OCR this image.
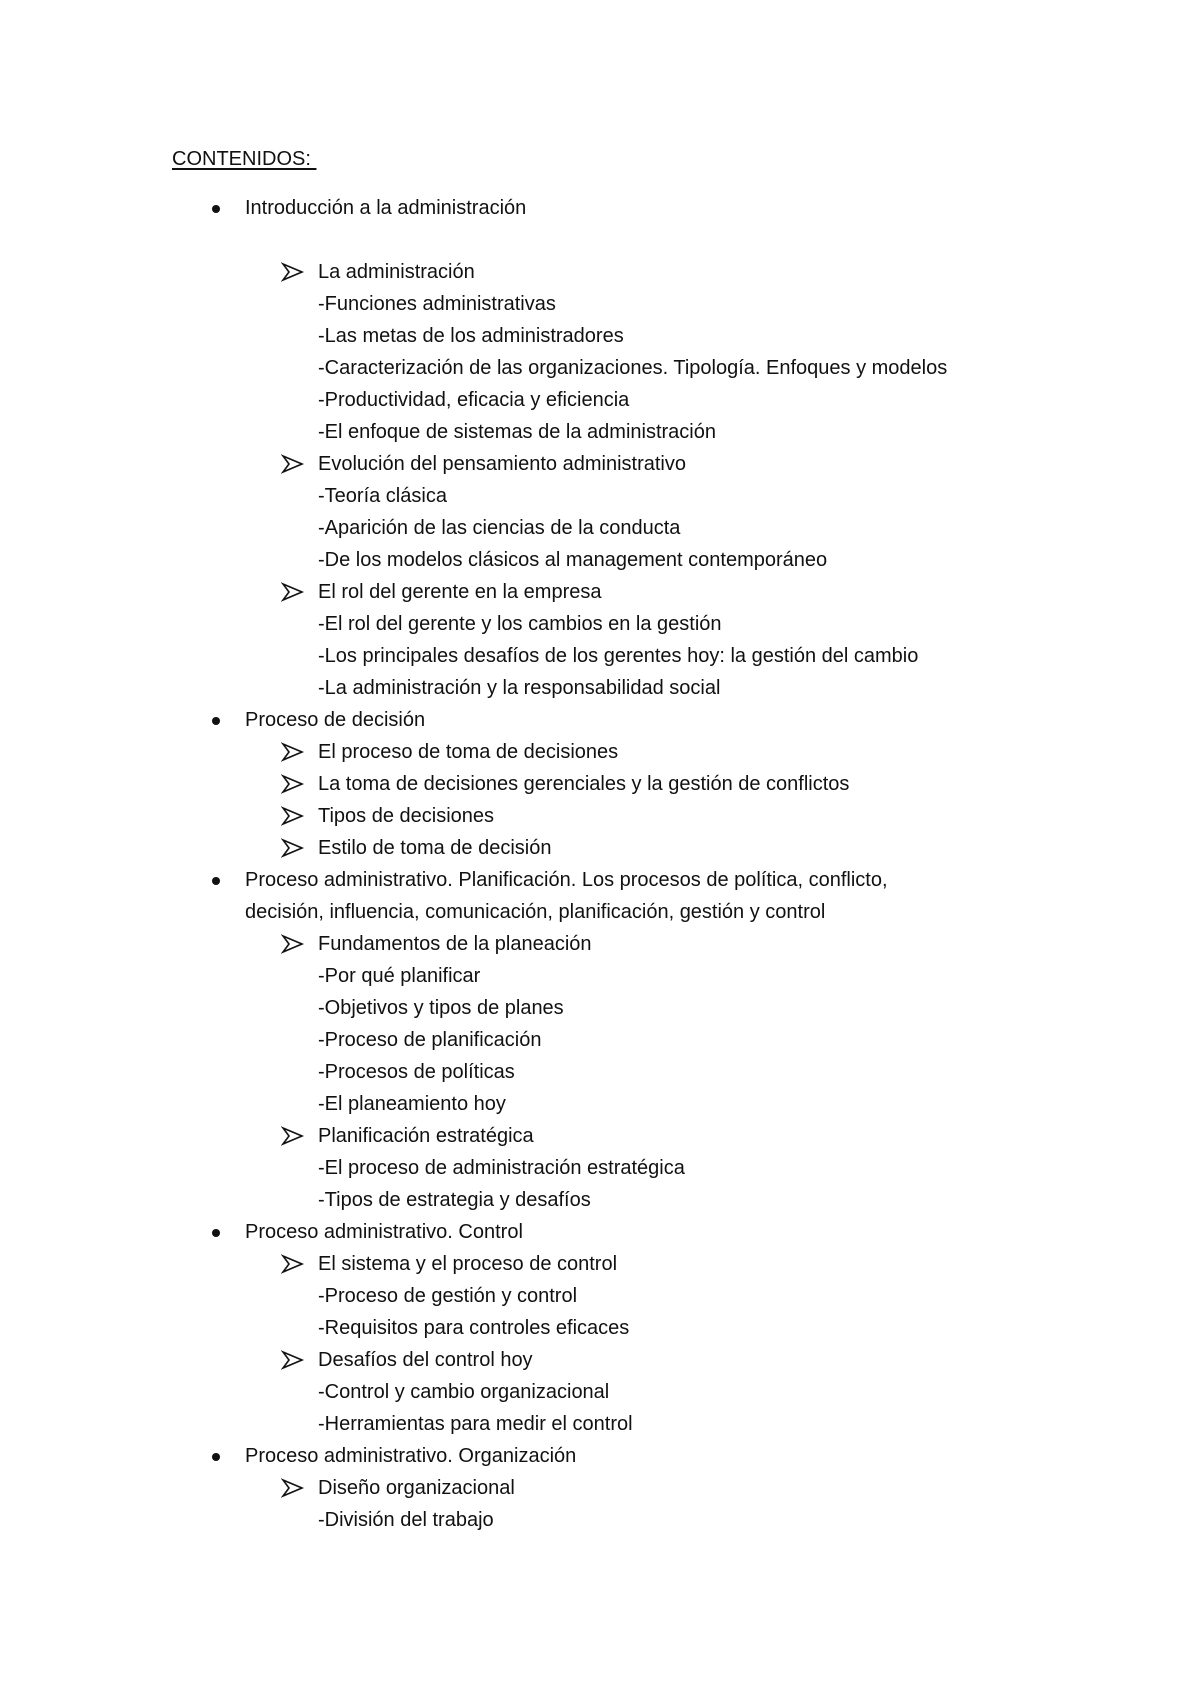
CONTENIDOS:
Introducción a la administración
La administración
-Funciones administrativas
-Las metas de los administradores
-Caracterización de las organizaciones. Tipología. Enfoques y modelos
-Productividad, eficacia y eficiencia
-El enfoque de sistemas de la administración
Evolución del pensamiento administrativo
-Teoría clásica
-Aparición de las ciencias de la conducta
-De los modelos clásicos al management contemporáneo
El rol del gerente en la empresa
-El rol del gerente y los cambios en la gestión
-Los principales desafíos de los gerentes hoy: la gestión del cambio
-La administración y la responsabilidad social
Proceso de decisión
El proceso de toma de decisiones
La toma de decisiones gerenciales y la gestión de conflictos
Tipos de decisiones
Estilo de toma de decisión
Proceso administrativo. Planificación. Los procesos de política, conflicto,
decisión, influencia, comunicación, planificación, gestión y control
Fundamentos de la planeación
-Por qué planificar
-Objetivos y tipos de planes
-Proceso de planificación
-Procesos de políticas
-El planeamiento hoy
Planificación estratégica
-El proceso de administración estratégica
-Tipos de estrategia y desafíos
Proceso administrativo. Control
El sistema y el proceso de control
-Proceso de gestión y control
-Requisitos para controles eficaces
Desafíos del control hoy
-Control y cambio organizacional
-Herramientas para medir el control
Proceso administrativo. Organización
Diseño organizacional
-División del trabajo
